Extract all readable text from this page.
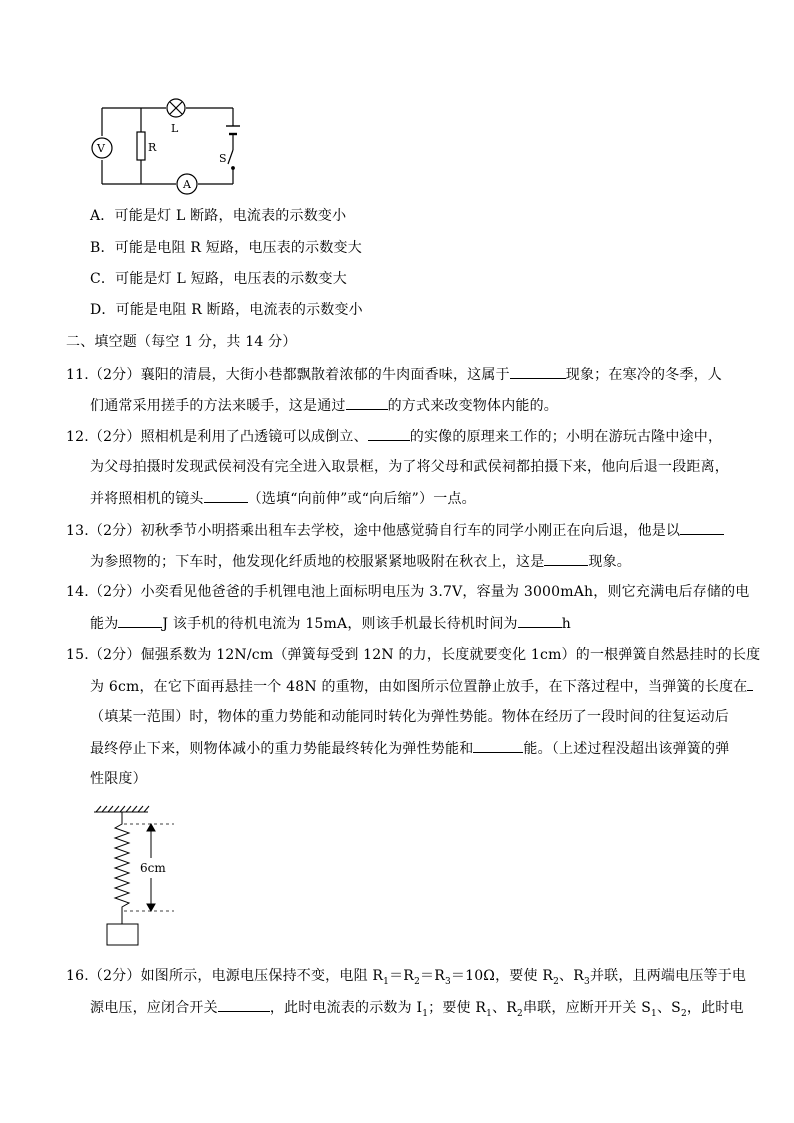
L
V	R
S
A
A．可能是灯 L 断路，电流表的示数变小
B．可能是电阻 R 短路，电压表的示数变大
C．可能是灯 L 短路，电压表的示数变大
D．可能是电阻 R 断路，电流表的示数变小
二、填空题（每空 1 分，共 14 分）
11.（2分）襄阳的清晨，大街小巷都飘散着浓郁的牛肉面香味，这属于	现象；在寒冷的冬季，人
们通常采用搓手的方法来暖手，这是通过	的方式来改变物体内能的。
12.（2分）照相机是利用了凸透镜可以成倒立、	的实像的原理来工作的；小明在游玩古隆中途中，
为父母拍摄时发现武侯祠没有完全进入取景框，为了将父母和武侯祠都拍摄下来，他向后退一段距离，
并将照相机的镜头	（选填“向前伸”或“向后缩”）一点。
13.（2分）初秋季节小明搭乘出租车去学校，途中他感觉骑自行车的同学小刚正在向后退，他是以
为参照物的；下车时，他发现化纤质地的校服紧紧地吸附在秋衣上，这是	现象。
14.（2分）小奕看见他爸爸的手机锂电池上面标明电压为 3.7V，容量为 3000mAh，则它充满电后存储的电
能为	J 该手机的待机电流为 15mA，则该手机最长待机时间为	h
15.（2分）倔强系数为 12N/cm（弹簧每受到 12N 的力，长度就要变化 1cm）的一根弹簧自然悬挂时的长度
为 6cm，在它下面再悬挂一个 48N 的重物，由如图所示位置静止放手，在下落过程中，当弹簧的长度在
（填某一范围）时，物体的重力势能和动能同时转化为弹性势能。物体在经历了一段时间的往复运动后
最终停止下来，则物体减小的重力势能最终转化为弹性势能和	能。（上述过程没超出该弹簧的弹
性限度）
6cm
16.（2分）如图所示，电源电压保持不变，电阻 $R_1=R_2=R_3=10\Omega$，要使 $R_2$、$R_3$并联，且两端电压等于电
源电压，应闭合开关	，此时电流表的示数为 $I_1$；要使 $R_1$、$R_2$串联，应断开开关 $S_1$、$S_2$，此时电
